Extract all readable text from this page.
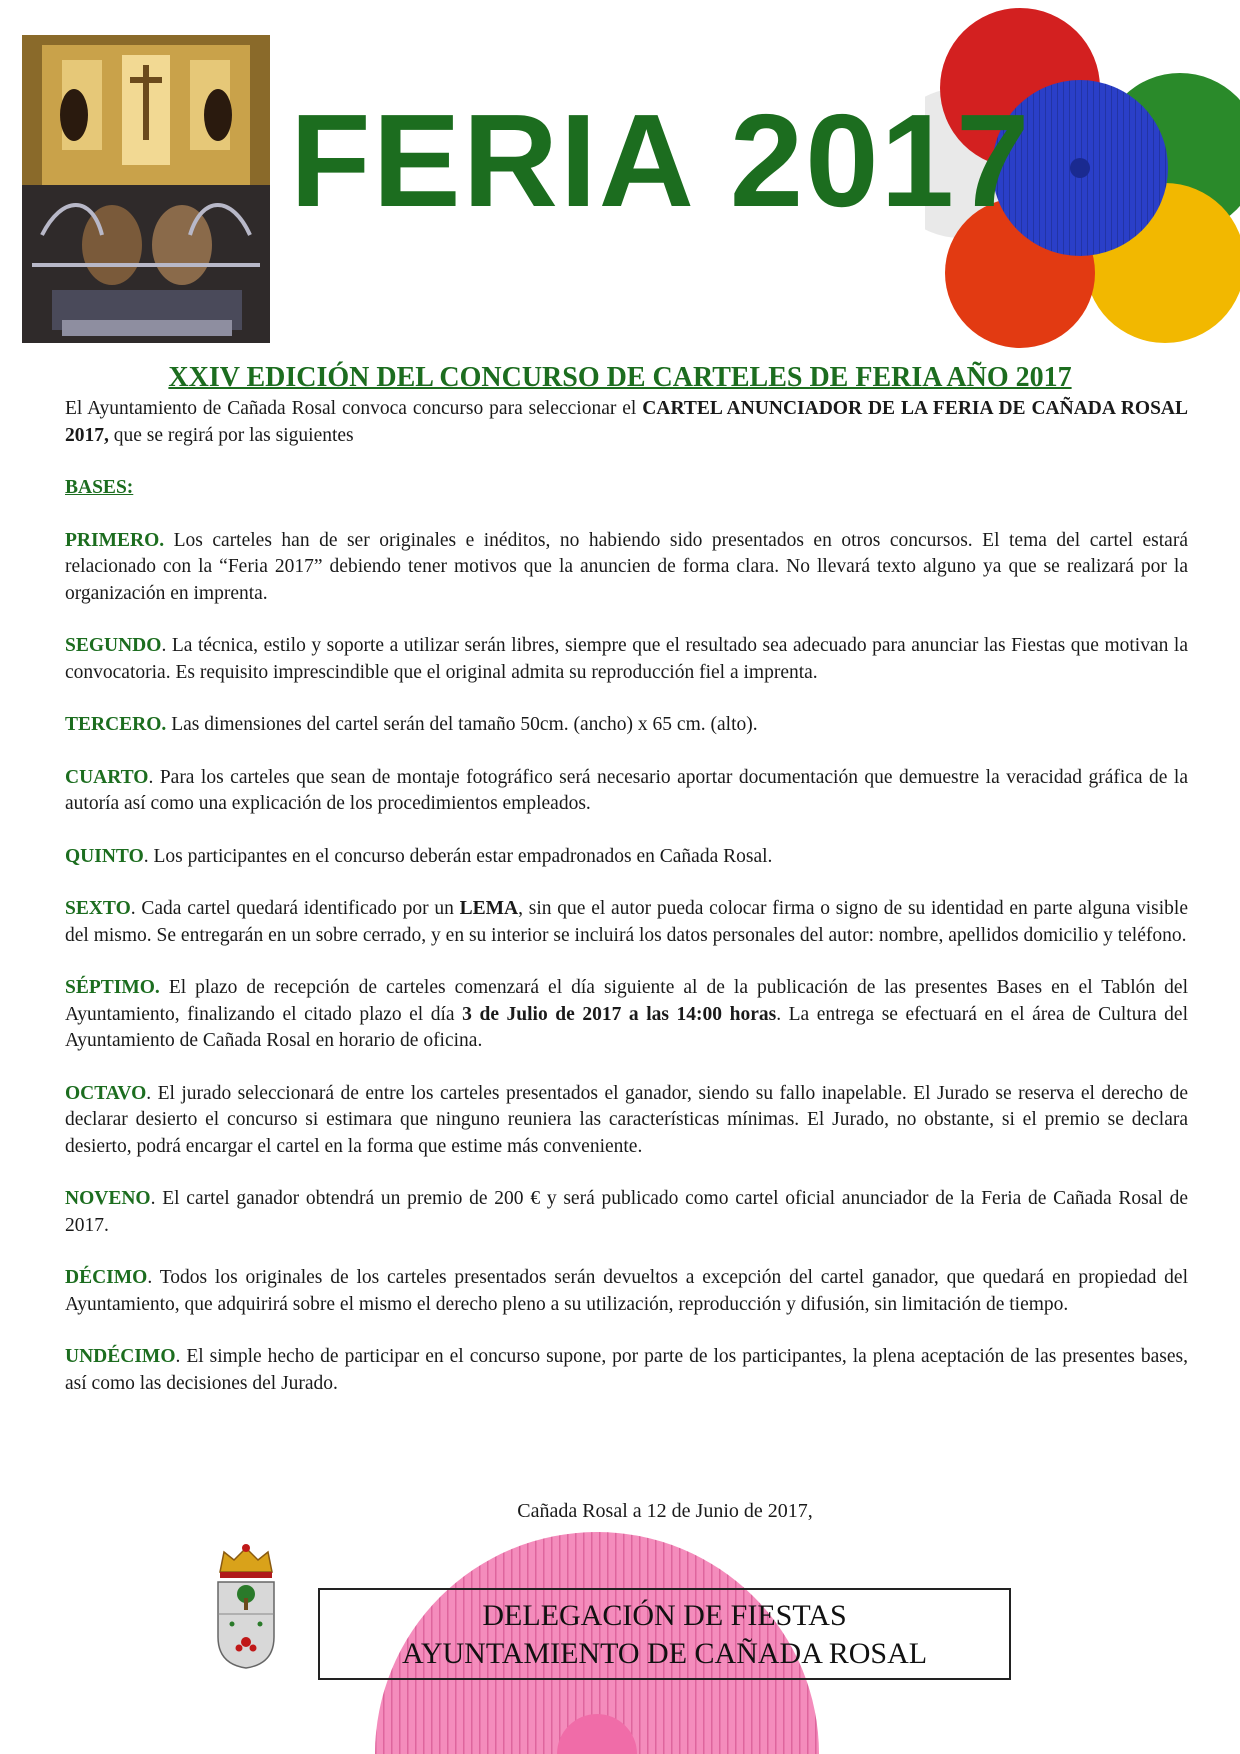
FERIA 2017
XXIV EDICIÓN DEL CONCURSO DE CARTELES DE FERIA AÑO 2017

El Ayuntamiento de Cañada Rosal convoca concurso para seleccionar el CARTEL ANUNCIADOR DE LA FERIA DE CAÑADA ROSAL 2017, que se regirá por las siguientes

BASES:

PRIMERO. Los carteles han de ser originales e inéditos, no habiendo sido presentados en otros concursos. El tema del cartel estará relacionado con la “Feria 2017” debiendo tener motivos que la anuncien de forma clara. No llevará texto alguno ya que se realizará por la organización en imprenta.

SEGUNDO. La técnica, estilo y soporte a utilizar serán libres, siempre que el resultado sea adecuado para anunciar las Fiestas que motivan la convocatoria. Es requisito imprescindible que el original admita su reproducción fiel a imprenta.

TERCERO. Las dimensiones del cartel serán del tamaño 50cm. (ancho) x 65 cm. (alto).

CUARTO. Para los carteles que sean de montaje fotográfico será necesario aportar documentación que demuestre la veracidad gráfica de la autoría así como una explicación de los procedimientos empleados.

QUINTO. Los participantes en el concurso deberán estar empadronados en Cañada Rosal.

SEXTO. Cada cartel quedará identificado por un LEMA, sin que el autor pueda colocar firma o signo de su identidad en parte alguna visible del mismo. Se entregarán en un sobre cerrado, y en su interior se incluirá los datos personales del autor: nombre, apellidos domicilio y teléfono.

SÉPTIMO. El plazo de recepción de carteles comenzará el día siguiente al de la publicación de las presentes Bases en el Tablón del Ayuntamiento, finalizando el citado plazo el día 3 de Julio de 2017 a las 14:00 horas. La entrega se efectuará en el área de Cultura del Ayuntamiento de Cañada Rosal en horario de oficina.

OCTAVO. El jurado seleccionará de entre los carteles presentados el ganador, siendo su fallo inapelable. El Jurado se reserva el derecho de declarar desierto el concurso si estimara que ninguno reuniera las características mínimas. El Jurado, no obstante, si el premio se declara desierto, podrá encargar el cartel en la forma que estime más conveniente.

NOVENO. El cartel ganador obtendrá un premio de 200 € y será publicado como cartel oficial anunciador de la Feria de Cañada Rosal de 2017.

DÉCIMO. Todos los originales de los carteles presentados serán devueltos a excepción del cartel ganador, que quedará en propiedad del Ayuntamiento, que adquirirá sobre el mismo el derecho pleno a su utilización, reproducción y difusión, sin limitación de tiempo.

UNDÉCIMO. El simple hecho de participar en el concurso supone, por parte de los participantes, la plena aceptación de las presentes bases, así como las decisiones del Jurado.

Cañada Rosal a 12 de Junio de 2017,

DELEGACIÓN DE FIESTAS
AYUNTAMIENTO DE CAÑADA ROSAL
